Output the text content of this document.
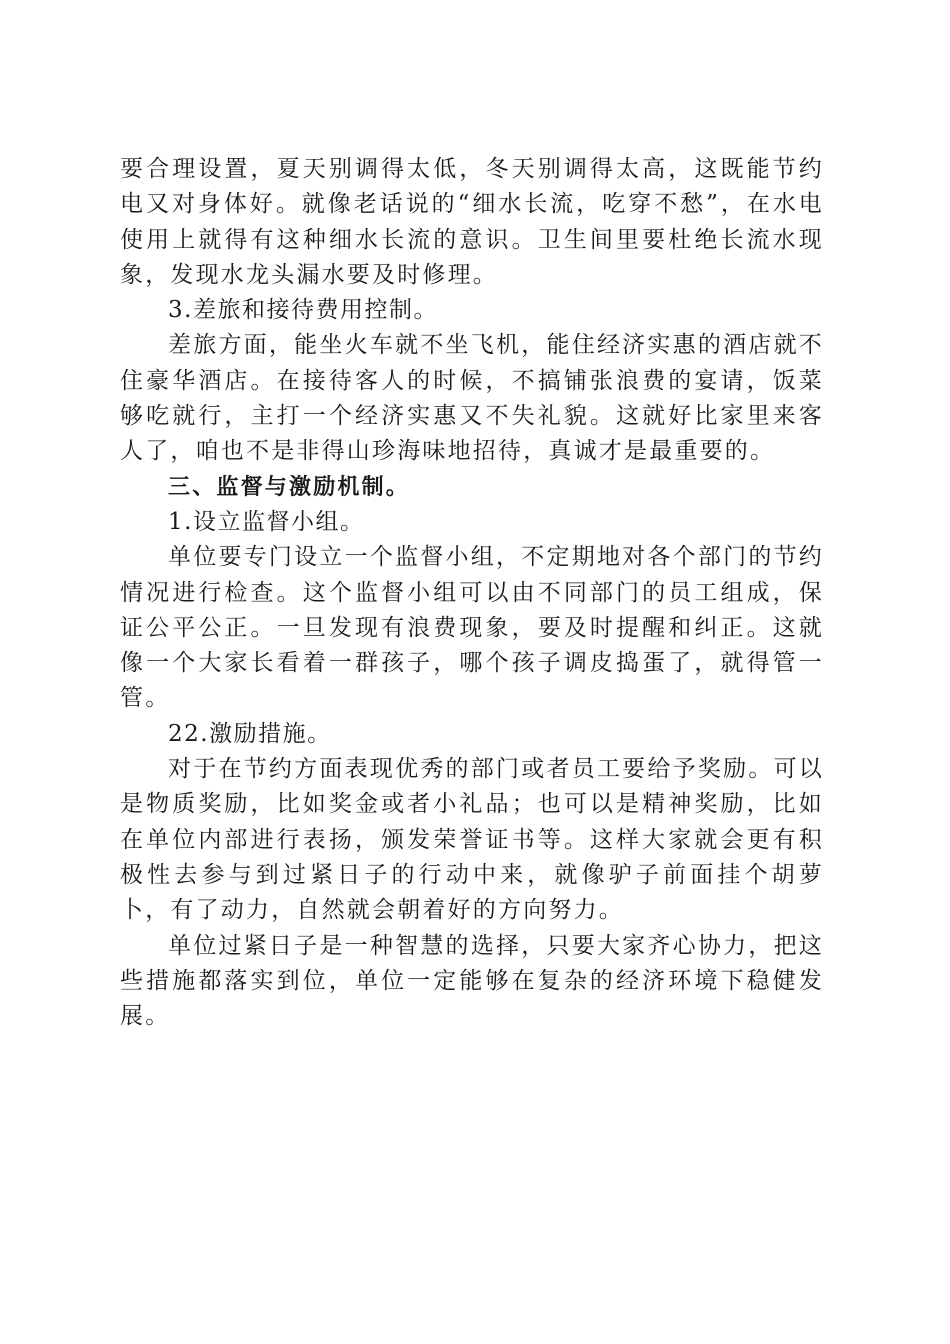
要合理设置，夏天别调得太低，冬天别调得太高，这既能节约电又对身体好。就像老话说的“细水长流，吃穿不愁”，在水电使用上就得有这种细水长流的意识。卫生间里要杜绝长流水现象，发现水龙头漏水要及时修理。

3.差旅和接待费用控制。

差旅方面，能坐火车就不坐飞机，能住经济实惠的酒店就不住豪华酒店。在接待客人的时候，不搞铺张浪费的宴请，饭菜够吃就行，主打一个经济实惠又不失礼貌。这就好比家里来客人了，咱也不是非得山珍海味地招待，真诚才是最重要的。

三、监督与激励机制。

1.设立监督小组。

单位要专门设立一个监督小组，不定期地对各个部门的节约情况进行检查。这个监督小组可以由不同部门的员工组成，保证公平公正。一旦发现有浪费现象，要及时提醒和纠正。这就像一个大家长看着一群孩子，哪个孩子调皮捣蛋了，就得管一管。

22.激励措施。

对于在节约方面表现优秀的部门或者员工要给予奖励。可以是物质奖励，比如奖金或者小礼品；也可以是精神奖励，比如在单位内部进行表扬，颁发荣誉证书等。这样大家就会更有积极性去参与到过紧日子的行动中来，就像驴子前面挂个胡萝卜，有了动力，自然就会朝着好的方向努力。

单位过紧日子是一种智慧的选择，只要大家齐心协力，把这些措施都落实到位，单位一定能够在复杂的经济环境下稳健发展。
